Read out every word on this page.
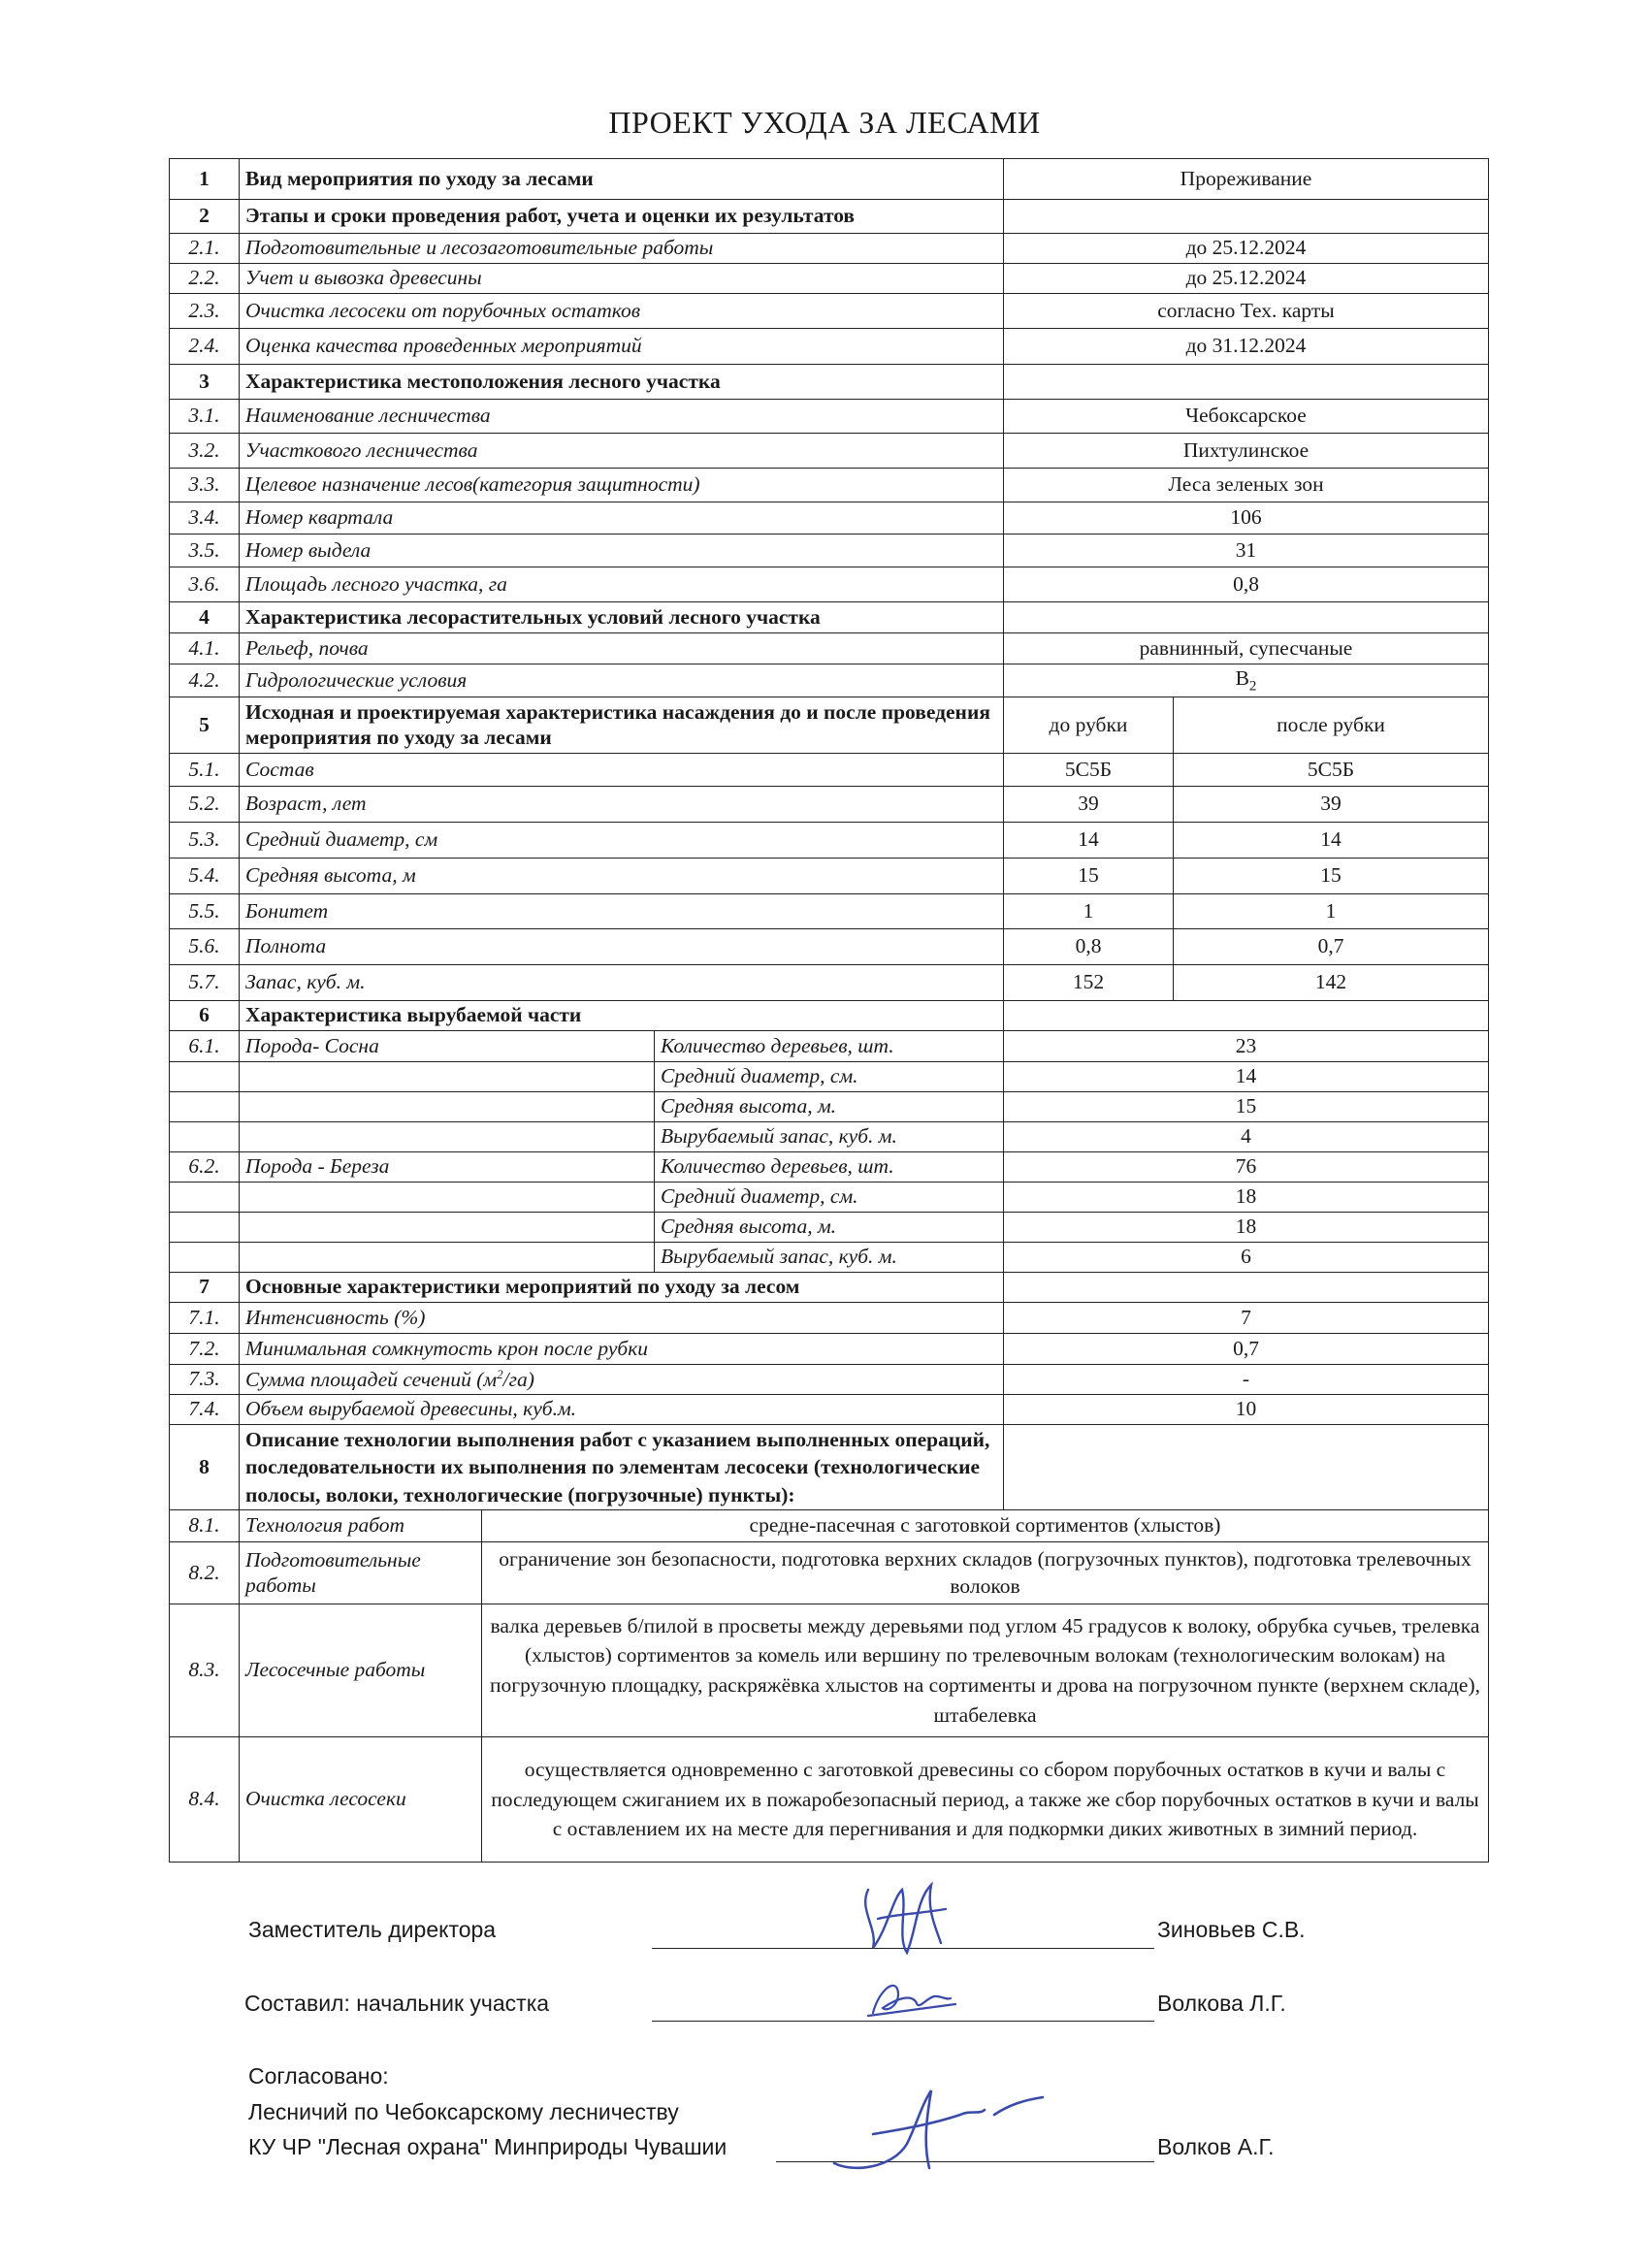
ПРОЕКТ УХОДА ЗА ЛЕСАМИ
1	Вид мероприятия по уходу за лесами			Прореживание	
2	Этапы и сроки проведения работ, учета и оценки их результатов				
2.1.	Подготовительные и лесозаготовительные работы			до 25.12.2024	
2.2.	Учет и вывозка древесины			до 25.12.2024	
2.3.	Очистка лесосеки от порубочных остатков			согласно Тех. карты	
2.4.	Оценка качества проведенных мероприятий			до 31.12.2024	
3	Характеристика местоположения лесного участка				
3.1.	Наименование лесничества			Чебоксарское	
3.2.	Участкового лесничества			Пихтулинское	
3.3.	Целевое назначение лесов(категория защитности)			Леса зеленых зон	
3.4.	Номер квартала			106	
3.5.	Номер выдела			31	
3.6.	Площадь лесного участка, га			0,8	
4	Характеристика лесорастительных условий лесного участка				
4.1.	Рельеф, почва			равнинный, супесчаные	
4.2.	Гидрологические условия			$В_2$
5	Исходная и проектируемая характеристика насаждения до и после проведения мероприятия по уходу за лесами			до рубки	после рубки
5.1.	Состав			5С5Б	5С5Б
5.2.	Возраст, лет			39	39
5.3.	Средний диаметр, см			14	14
5.4.	Средняя высота, м			15	15
5.5.	Бонитет			1	1
5.6.	Полнота			0,8	0,7
5.7.	Запас, куб. м.			152	142
6	Характеристика вырубаемой части				
6.1.	Порода- Сосна		Количество деревьев, шт.	23	
			Средний диаметр, см.	14	
			Средняя высота, м.	15	
			Вырубаемый запас, куб. м.	4	
6.2.	Порода - Береза		Количество деревьев, шт.	76	
			Средний диаметр, см.	18	
			Средняя высота, м.	18	
			Вырубаемый запас, куб. м.	6	
7	Основные характеристики мероприятий по уходу за лесом				
7.1.	Интенсивность (%)			7	
7.2.	Минимальная сомкнутость крон после рубки			0,7	
7.3.	Сумма площадей сечений $(м^2/га)$			-	
7.4.	Объем вырубаемой древесины, куб.м.			10	
8	Описание технологии выполнения работ с указанием выполненных операций, последовательности их выполнения по элементам лесосеки (технологические полосы, волоки, технологические (погрузочные) пункты):				
8.1.	Технология работ	средне-пасечная с заготовкой сортиментов (хлыстов)			
8.2.	Подготовительные работы	ограничение зон безопасности, подготовка верхних складов (погрузочных пунктов), подготовка трелевочных волоков			
8.3.	Лесосечные работы	валка деревьев б/пилой в просветы между деревьями под углом 45 градусов к волоку, обрубка сучьев, трелевка (хлыстов) сортиментов за комель или вершину по трелевочным волокам (технологическим волокам) на погрузочную площадку, раскряжёвка хлыстов на сортименты и дрова на погрузочном пункте (верхнем складе), штабелевка			
8.4.	Очистка лесосеки	осуществляется одновременно с заготовкой древесины со сбором порубочных остатков в кучи и валы с последующем сжиганием их в пожаробезопасный период, а также же сбор порубочных остатков в кучи и валы с оставлением их на месте для перегнивания и для подкормки диких животных в зимний период.			
Заместитель директора	Зиновьев С.В.
Составил: начальник участка	Волкова Л.Г.
Согласовано:
Лесничий по Чебоксарскому лесничеству
КУ ЧР "Лесная охрана" Минприроды Чувашии	Волков А.Г.
